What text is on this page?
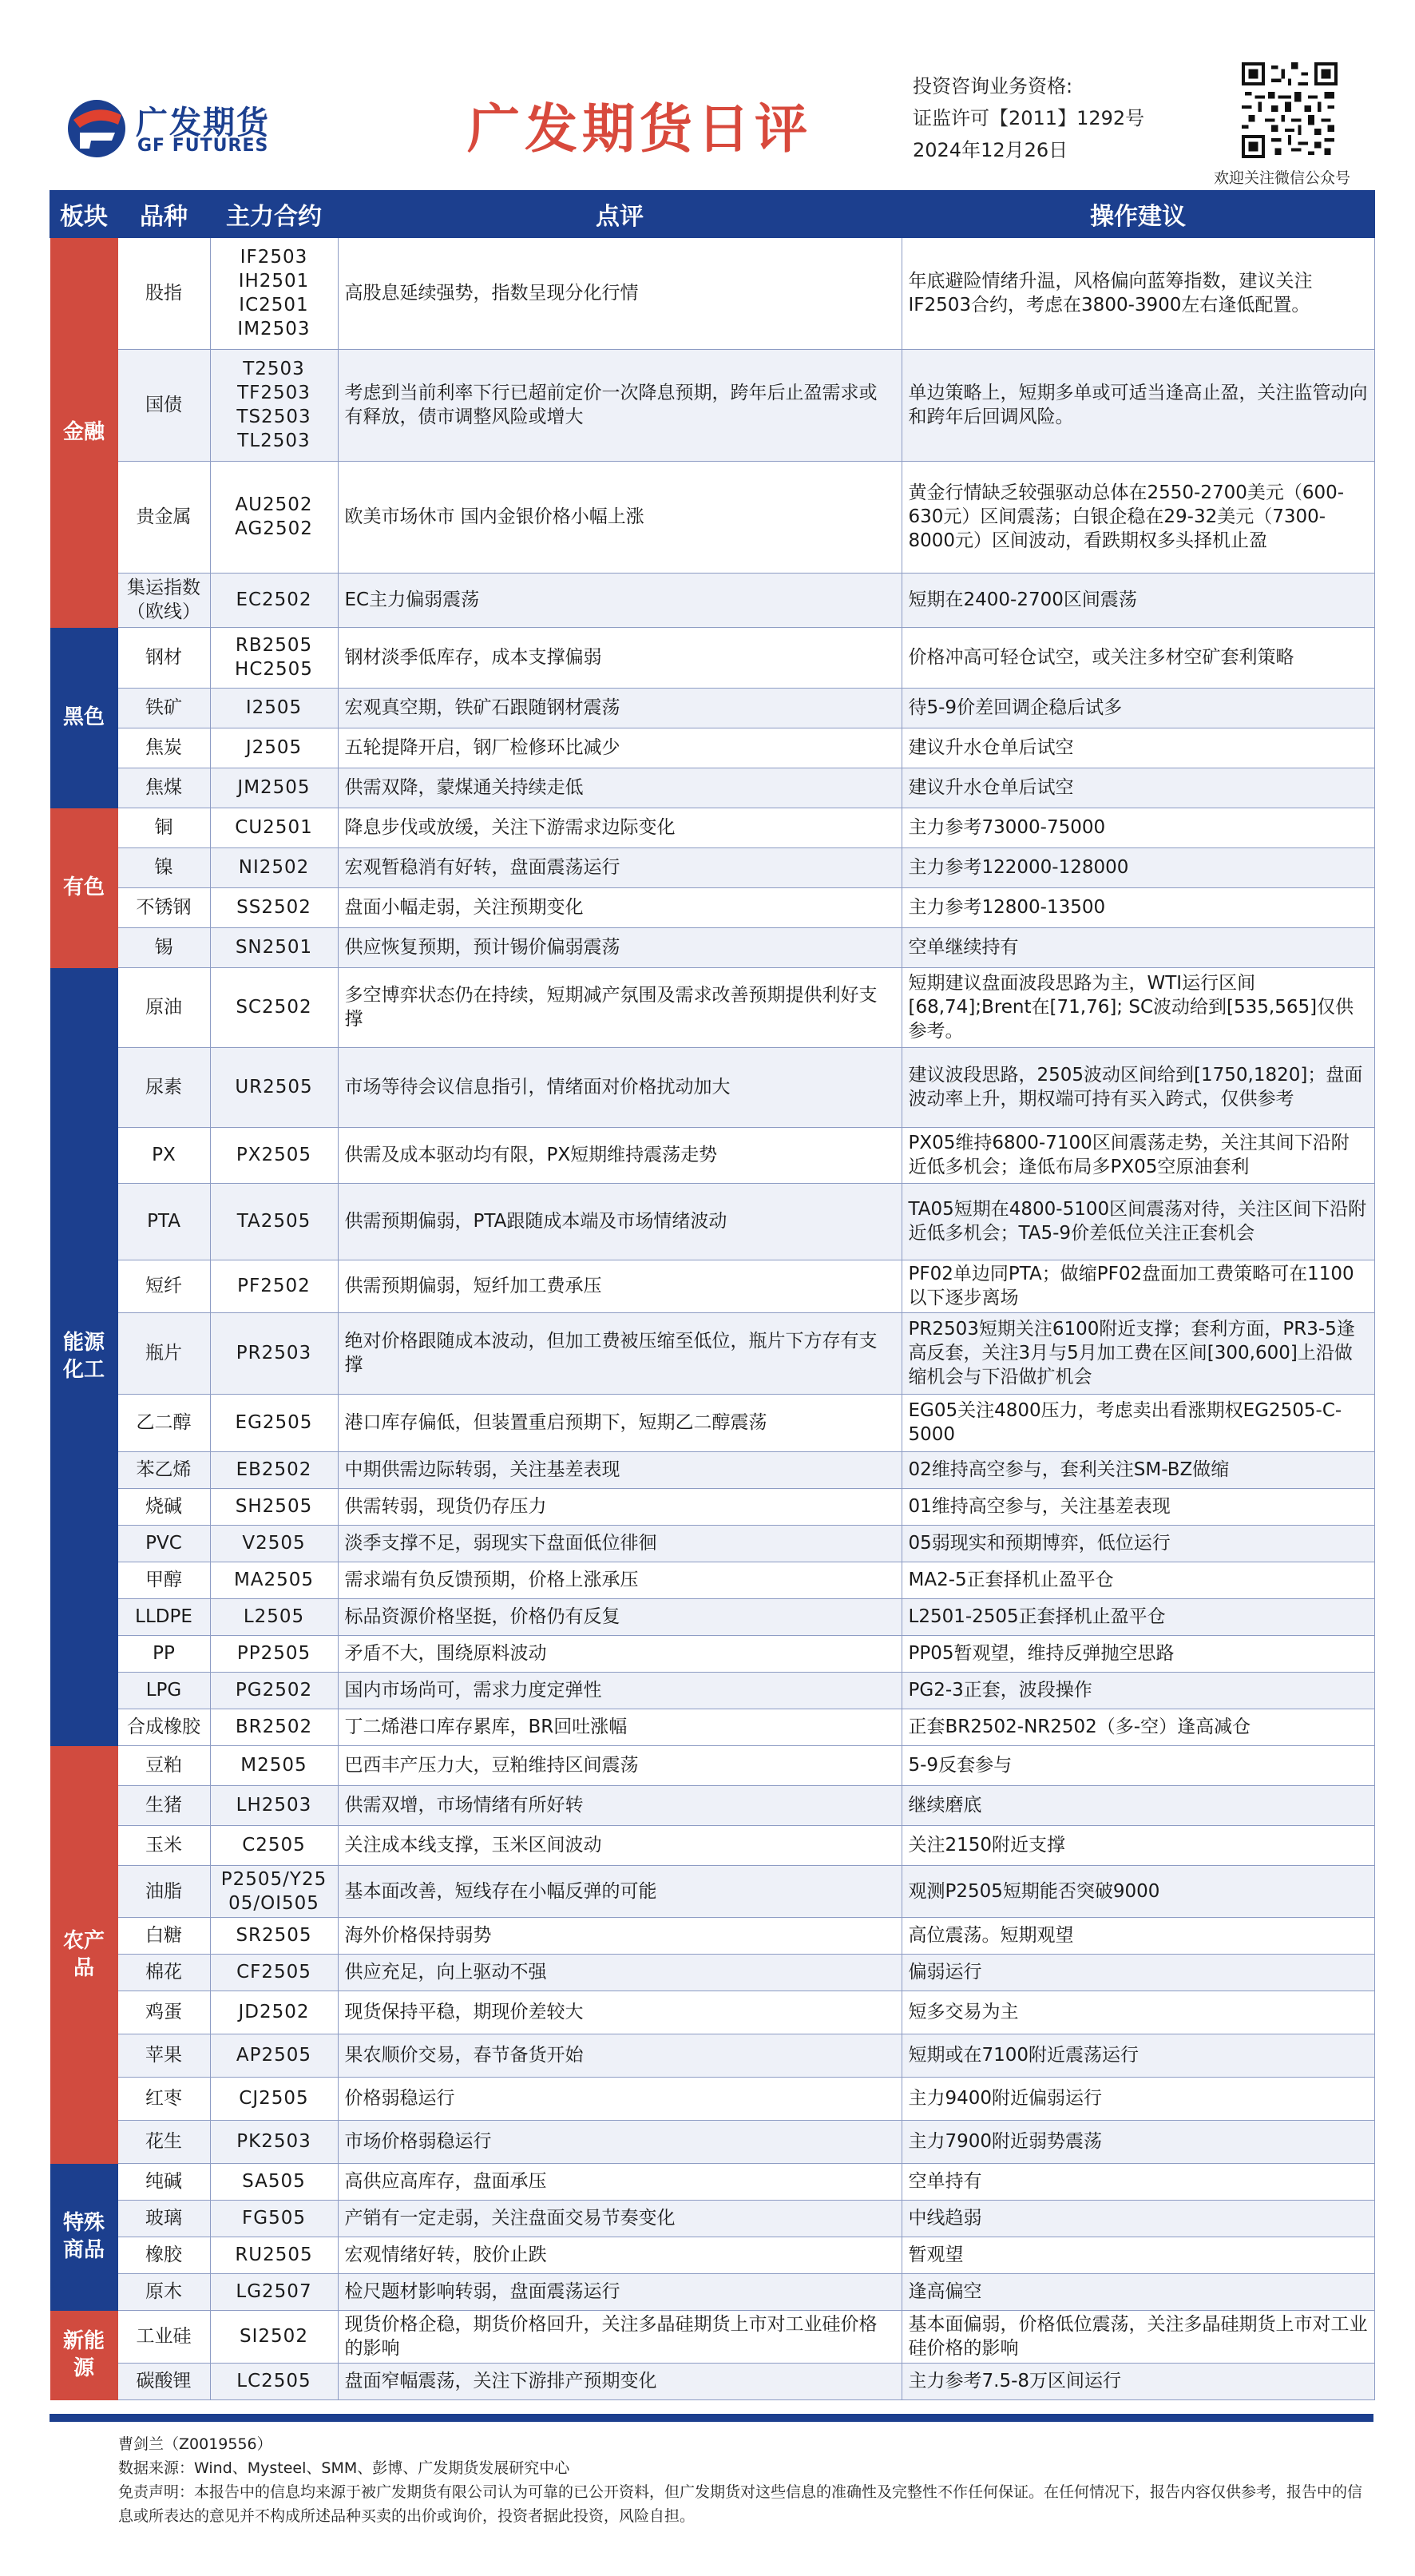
广发期货
GF FUTURES	广发期货日评
投资咨询业务资格:
证监许可【2011】1292号
2024年12月26日
欢迎关注微信公众号
板块	品种	主力合约	点评	操作建议
金融	股指	IF2503
IH2501
IC2501
IM2503	高股息延续强势，指数呈现分化行情	年底避险情绪升温，风格偏向蓝筹指数，建议关注IF2503合约，考虑在3800-3900左右逢低配置。
	国债	T2503
TF2503
TS2503
TL2503	考虑到当前利率下行已超前定价一次降息预期，跨年后止盈需求或有释放，债市调整风险或增大	单边策略上，短期多单或可适当逢高止盈，关注监管动向和跨年后回调风险。
	贵金属	AU2502
AG2502	欧美市场休市 国内金银价格小幅上涨	黄金行情缺乏较强驱动总体在2550-2700美元（600-630元）区间震荡；白银企稳在29-32美元（7300-8000元）区间波动，看跌期权多头择机止盈
	集运指数
（欧线）	EC2502	EC主力偏弱震荡	短期在2400-2700区间震荡
黑色	钢材	RB2505
HC2505	钢材淡季低库存，成本支撑偏弱	价格冲高可轻仓试空，或关注多材空矿套利策略
	铁矿	I2505	宏观真空期，铁矿石跟随钢材震荡	待5-9价差回调企稳后试多
	焦炭	J2505	五轮提降开启，钢厂检修环比减少	建议升水仓单后试空
	焦煤	JM2505	供需双降，蒙煤通关持续走低	建议升水仓单后试空
有色	铜	CU2501	降息步伐或放缓，关注下游需求边际变化	主力参考73000-75000
	镍	NI2502	宏观暂稳消有好转，盘面震荡运行	主力参考122000-128000
	不锈钢	SS2502	盘面小幅走弱，关注预期变化	主力参考12800-13500
	锡	SN2501	供应恢复预期，预计锡价偏弱震荡	空单继续持有
能源
化工	原油	SC2502	多空博弈状态仍在持续，短期减产氛围及需求改善预期提供利好支撑	短期建议盘面波段思路为主，WTI运行区间[68,74];Brent在[71,76]; SC波动给到[535,565]仅供参考。
	尿素	UR2505	市场等待会议信息指引，情绪面对价格扰动加大	建议波段思路，2505波动区间给到[1750,1820]；盘面波动率上升，期权端可持有买入跨式，仅供参考
	PX	PX2505	供需及成本驱动均有限，PX短期维持震荡走势	PX05维持6800-7100区间震荡走势，关注其间下沿附近低多机会；逢低布局多PX05空原油套利
	PTA	TA2505	供需预期偏弱，PTA跟随成本端及市场情绪波动	TA05短期在4800-5100区间震荡对待，关注区间下沿附近低多机会；TA5-9价差低位关注正套机会
	短纤	PF2502	供需预期偏弱，短纤加工费承压	PF02单边同PTA；做缩PF02盘面加工费策略可在1100以下逐步离场
	瓶片	PR2503	绝对价格跟随成本波动，但加工费被压缩至低位，瓶片下方存有支撑	PR2503短期关注6100附近支撑；套利方面，PR3-5逢高反套，关注3月与5月加工费在区间[300,600]上沿做缩机会与下沿做扩机会
	乙二醇	EG2505	港口库存偏低，但装置重启预期下，短期乙二醇震荡	EG05关注4800压力，考虑卖出看涨期权EG2505-C-5000
	苯乙烯	EB2502	中期供需边际转弱，关注基差表现	02维持高空参与，套利关注SM-BZ做缩
	烧碱	SH2505	供需转弱，现货仍存压力	01维持高空参与，关注基差表现
	PVC	V2505	淡季支撑不足，弱现实下盘面低位徘徊	05弱现实和预期博弈，低位运行
	甲醇	MA2505	需求端有负反馈预期，价格上涨承压	MA2-5正套择机止盈平仓
	LLDPE	L2505	标品资源价格坚挺，价格仍有反复	L2501-2505正套择机止盈平仓
	PP	PP2505	矛盾不大，围绕原料波动	PP05暂观望，维持反弹抛空思路
	LPG	PG2502	国内市场尚可，需求力度定弹性	PG2-3正套，波段操作
	合成橡胶	BR2502	丁二烯港口库存累库，BR回吐涨幅	正套BR2502-NR2502（多-空）逢高减仓
农产品	豆粕	M2505	巴西丰产压力大，豆粕维持区间震荡	5-9反套参与
	生猪	LH2503	供需双增，市场情绪有所好转	继续磨底
	玉米	C2505	关注成本线支撑，玉米区间波动	关注2150附近支撑
	油脂	P2505/Y25
05/OI505	基本面改善，短线存在小幅反弹的可能	观测P2505短期能否突破9000
	白糖	SR2505	海外价格保持弱势	高位震荡。短期观望
	棉花	CF2505	供应充足，向上驱动不强	偏弱运行
	鸡蛋	JD2502	现货保持平稳，期现价差较大	短多交易为主
	苹果	AP2505	果农顺价交易，春节备货开始	短期或在7100附近震荡运行
	红枣	CJ2505	价格弱稳运行	主力9400附近偏弱运行
	花生	PK2503	市场价格弱稳运行	主力7900附近弱势震荡
特殊
商品	纯碱	SA505	高供应高库存，盘面承压	空单持有
	玻璃	FG505	产销有一定走弱，关注盘面交易节奏变化	中线趋弱
	橡胶	RU2505	宏观情绪好转，胶价止跌	暂观望
	原木	LG2507	检尺题材影响转弱，盘面震荡运行	逢高偏空
新能源	工业硅	SI2502	现货价格企稳，期货价格回升，关注多晶硅期货上市对工业硅价格的影响	基本面偏弱，价格低位震荡，关注多晶硅期货上市对工业硅价格的影响
	碳酸锂	LC2505	盘面窄幅震荡，关注下游排产预期变化	主力参考7.5-8万区间运行
曹剑兰（Z0019556）
数据来源：Wind、Mysteel、SMM、彭博、广发期货发展研究中心
免责声明：本报告中的信息均来源于被广发期货有限公司认为可靠的已公开资料，但广发期货对这些信息的准确性及完整性不作任何保证。在任何情况下，报告内容仅供参考，报告中的信息或所表达的意见并不构成所述品种买卖的出价或询价，投资者据此投资，风险自担。
